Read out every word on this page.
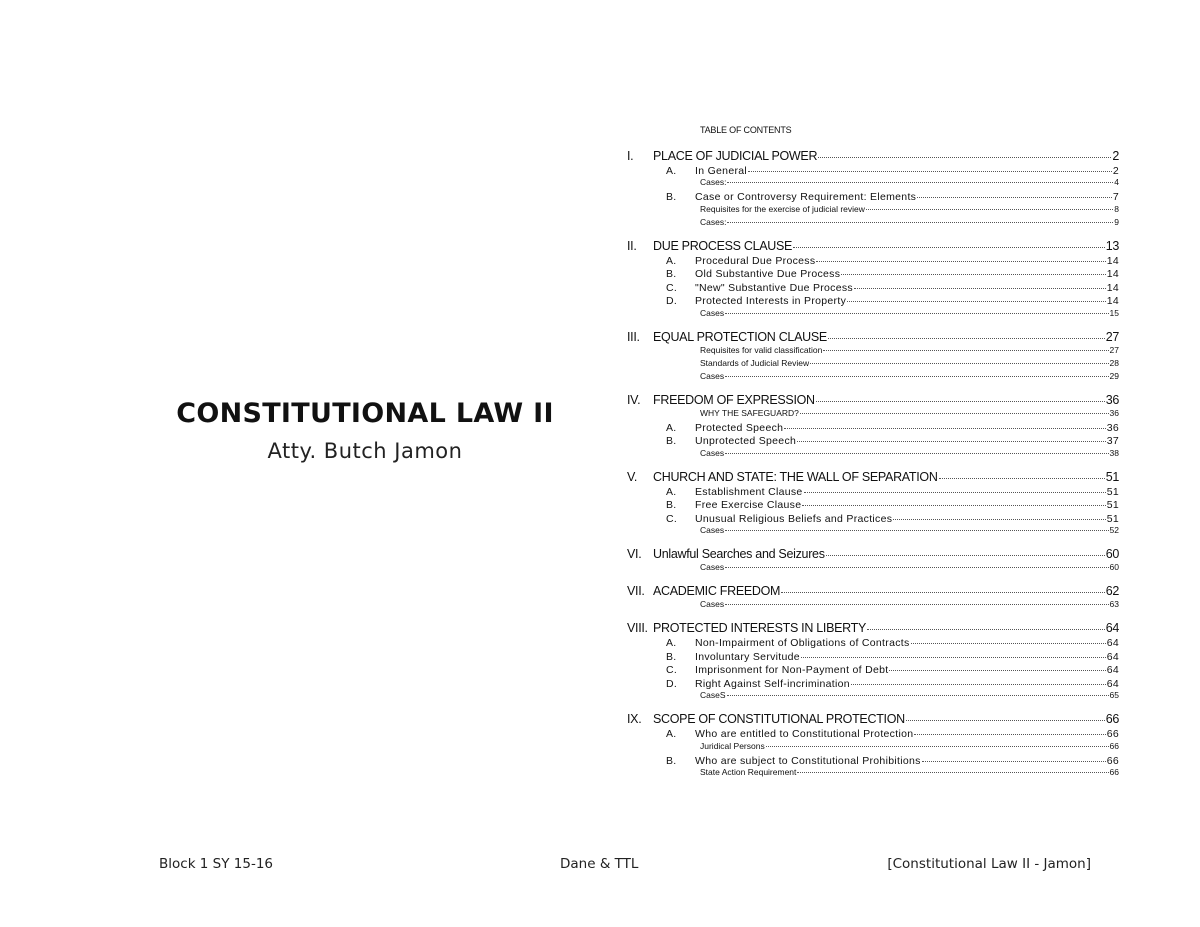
CONSTITUTIONAL LAW II
Atty. Butch Jamon
TABLE OF CONTENTS
I.	PLACE OF JUDICIAL POWER	2
A.	In General	2
Cases:	4
B.	Case or Controversy Requirement: Elements	7
Requisites for the exercise of judicial review	8
Cases:	9
II.	DUE PROCESS CLAUSE	13
A.	Procedural Due Process	14
B.	Old Substantive Due Process	14
C.	"New" Substantive Due Process	14
D.	Protected Interests in Property	14
Cases	15
III.	EQUAL PROTECTION CLAUSE	27
Requisites for valid classification	27
Standards of Judicial Review	28
Cases	29
IV.	FREEDOM OF EXPRESSION	36
WHY THE SAFEGUARD?	36
A.	Protected Speech	36
B.	Unprotected Speech	37
Cases	38
V.	CHURCH AND STATE: THE WALL OF SEPARATION	51
A.	Establishment Clause	51
B.	Free Exercise Clause	51
C.	Unusual Religious Beliefs and Practices	51
Cases	52
VI. Unlawful Searches and Seizures	60
Cases	60
VII. ACADEMIC FREEDOM	62
Cases	63
VIII. PROTECTED INTERESTS IN LIBERTY	64
A.	Non-Impairment of Obligations of Contracts	64
B.	Involuntary Servitude	64
C.	Imprisonment for Non-Payment of Debt	64
D.	Right Against Self-incrimination	64
CaseS	65
IX. SCOPE OF CONSTITUTIONAL PROTECTION	66
A.	Who are entitled to Constitutional Protection	66
Juridical Persons	66
B.	Who are subject to Constitutional Prohibitions	66
State Action Requirement	66
Block 1 SY 15-16	Dane & TTL	[Constitutional Law II - Jamon]
